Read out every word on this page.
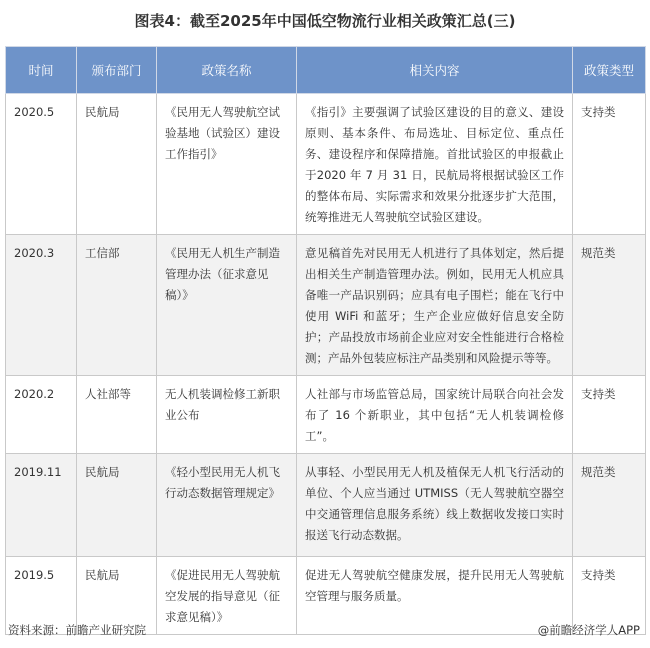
图表4：截至2025年中国低空物流行业相关政策汇总(三)
时间	颁布部门	政策名称	相关内容	政策类型
2020.5	民航局	《民用无人驾驶航空试验基地（试验区）建设工作指引》	《指引》主要强调了试验区建设的目的意义、建设原则、基本条件、布局选址、目标定位、重点任务、建设程序和保障措施。首批试验区的申报截止于2020 年 7 月 31 日，民航局将根据试验区工作的整体布局、实际需求和效果分批逐步扩大范围，统筹推进无人驾驶航空试验区建设。	支持类
2020.3	工信部	《民用无人机生产制造管理办法（征求意见稿）》	意见稿首先对民用无人机进行了具体划定，然后提出相关生产制造管理办法。例如，民用无人机应具备唯一产品识别码；应具有电子围栏；能在飞行中使用 WiFi 和蓝牙；生产企业应做好信息安全防护；产品投放市场前企业应对安全性能进行合格检测；产品外包装应标注产品类别和风险提示等等。	规范类
2020.2	人社部等	无人机装调检修工新职业公布	人社部与市场监管总局，国家统计局联合向社会发布了 16 个新职业，其中包括“无人机装调检修工”。	支持类
2019.11	民航局	《轻小型民用无人机飞行动态数据管理规定》	从事轻、小型民用无人机及植保无人机飞行活动的单位、个人应当通过 UTMISS（无人驾驶航空器空中交通管理信息服务系统）线上数据收发接口实时报送飞行动态数据。	规范类
2019.5	民航局	《促进民用无人驾驶航空发展的指导意见（征求意见稿）》	促进无人驾驶航空健康发展，提升民用无人驾驶航空管理与服务质量。	支持类
资料来源：前瞻产业研究院	@前瞻经济学人APP
